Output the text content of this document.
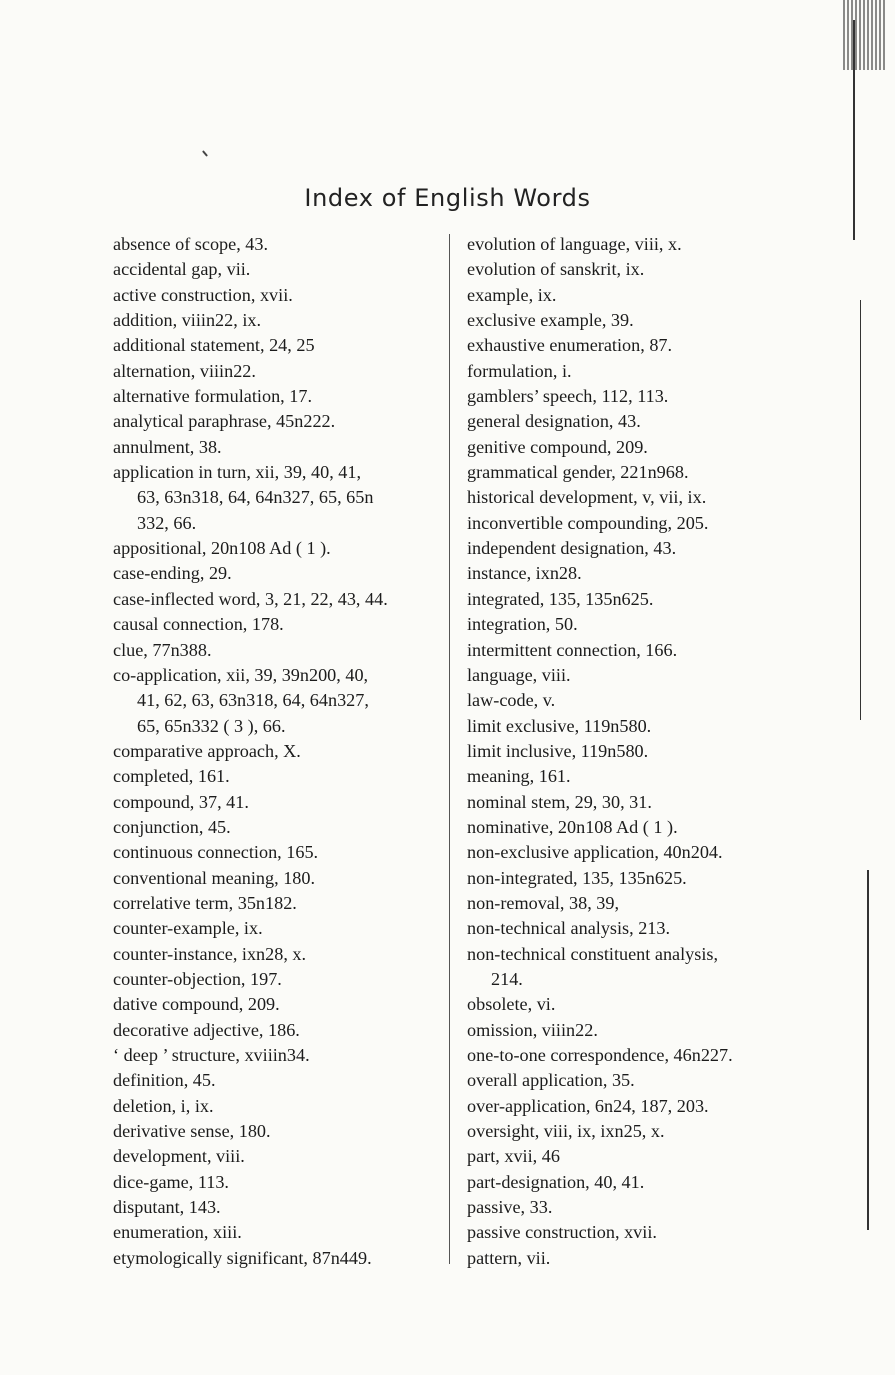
Index of English Words
absence of scope, 43.
accidental gap, vii.
active construction, xvii.
addition, viiin22, ix.
additional statement, 24, 25
alternation, viiin22.
alternative formulation, 17.
analytical paraphrase, 45n222.
annulment, 38.
application in turn, xii, 39, 40, 41,
63, 63n318, 64, 64n327, 65, 65n
332, 66.
appositional, 20n108 Ad ( 1 ).
case-ending, 29.
case-inflected word, 3, 21, 22, 43, 44.
causal connection, 178.
clue, 77n388.
co-application, xii, 39, 39n200, 40,
41, 62, 63, 63n318, 64, 64n327,
65, 65n332 ( 3 ), 66.
comparative approach, X.
completed, 161.
compound, 37, 41.
conjunction, 45.
continuous connection, 165.
conventional meaning, 180.
correlative term, 35n182.
counter-example, ix.
counter-instance, ixn28, x.
counter-objection, 197.
dative compound, 209.
decorative adjective, 186.
‘ deep ’ structure, xviiin34.
definition, 45.
deletion, i, ix.
derivative sense, 180.
development, viii.
dice-game, 113.
disputant, 143.
enumeration, xiii.
etymologically significant, 87n449.
evolution of language, viii, x.
evolution of sanskrit, ix.
example, ix.
exclusive example, 39.
exhaustive enumeration, 87.
formulation, i.
gamblers’ speech, 112, 113.
general designation, 43.
genitive compound, 209.
grammatical gender, 221n968.
historical development, v, vii, ix.
inconvertible compounding, 205.
independent designation, 43.
instance, ixn28.
integrated, 135, 135n625.
integration, 50.
intermittent connection, 166.
language, viii.
law-code, v.
limit exclusive, 119n580.
limit inclusive, 119n580.
meaning, 161.
nominal stem, 29, 30, 31.
nominative, 20n108 Ad ( 1 ).
non-exclusive application, 40n204.
non-integrated, 135, 135n625.
non-removal, 38, 39,
non-technical analysis, 213.
non-technical constituent analysis,
214.
obsolete, vi.
omission, viiin22.
one-to-one correspondence, 46n227.
overall application, 35.
over-application, 6n24, 187, 203.
oversight, viii, ix, ixn25, x.
part, xvii, 46
part-designation, 40, 41.
passive, 33.
passive construction, xvii.
pattern, vii.
